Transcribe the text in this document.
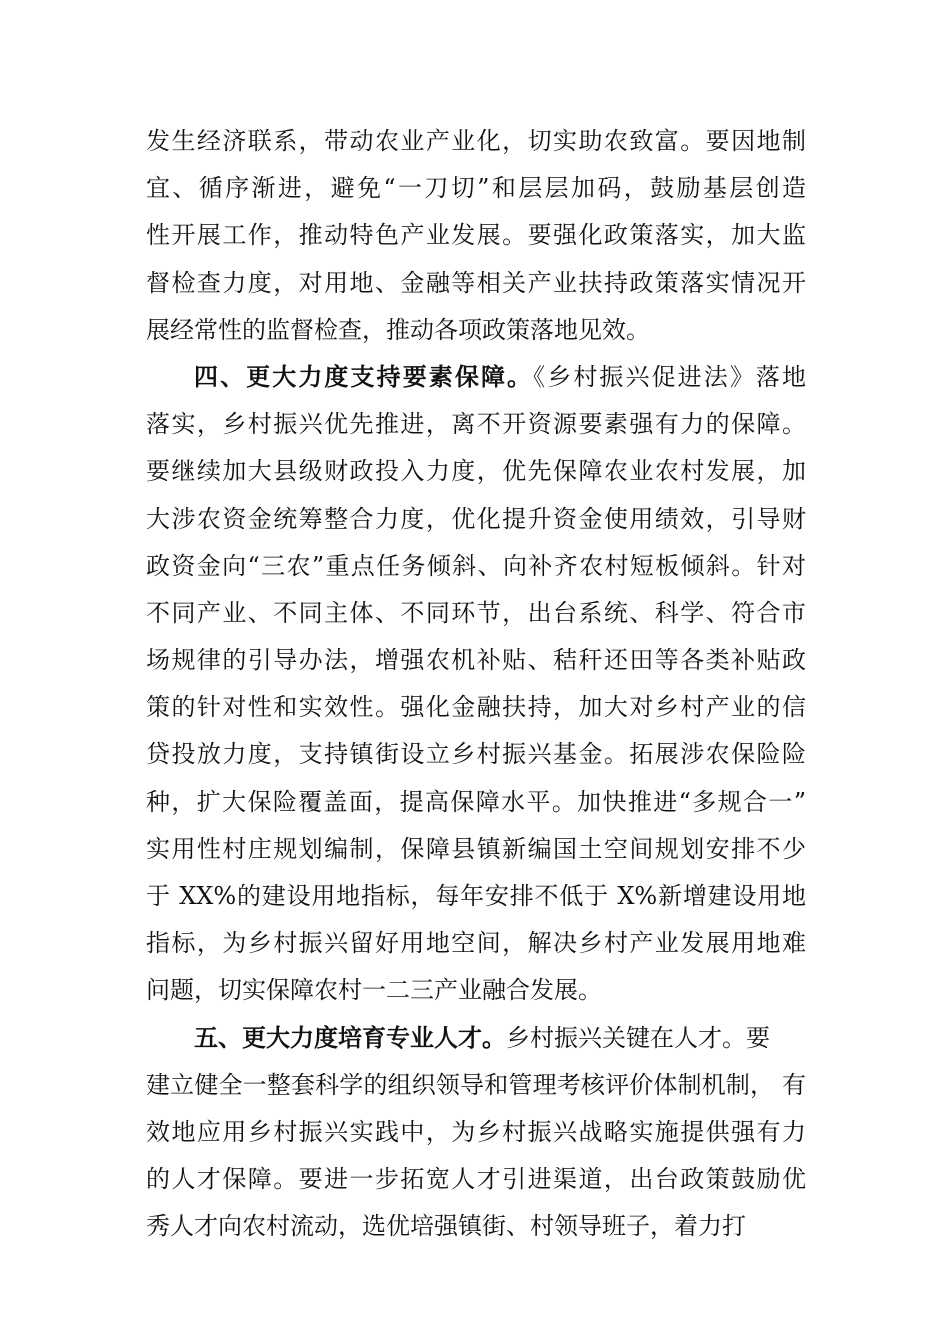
发生经济联系，带动农业产业化，切实助农致富。要因地制
宜、循序渐进，避免“一刀切”和层层加码，鼓励基层创造
性开展工作，推动特色产业发展。要强化政策落实，加大监
督检查力度，对用地、金融等相关产业扶持政策落实情况开
展经常性的监督检查，推动各项政策落地见效。
四、更大力度支持要素保障。《乡村振兴促进法》落地
落实，乡村振兴优先推进，离不开资源要素强有力的保障。
要继续加大县级财政投入力度，优先保障农业农村发展，加
大涉农资金统筹整合力度，优化提升资金使用绩效，引导财
政资金向“三农”重点任务倾斜、向补齐农村短板倾斜。针对
不同产业、不同主体、不同环节，出台系统、科学、符合市
场规律的引导办法，增强农机补贴、秸秆还田等各类补贴政
策的针对性和实效性。强化金融扶持，加大对乡村产业的信
贷投放力度，支持镇街设立乡村振兴基金。拓展涉农保险险
种，扩大保险覆盖面，提高保障水平。加快推进“多规合一”
实用性村庄规划编制，保障县镇新编国土空间规划安排不少
于 XX%的建设用地指标，每年安排不低于 X%新增建设用地
指标，为乡村振兴留好用地空间，解决乡村产业发展用地难
问题，切实保障农村一二三产业融合发展。
五、更大力度培育专业人才。乡村振兴关键在人才。要
建立健全一整套科学的组织领导和管理考核评价体制机制， 有
效地应用乡村振兴实践中，为乡村振兴战略实施提供强有力
的人才保障。要进一步拓宽人才引进渠道，出台政策鼓励优
秀人才向农村流动，选优培强镇街、村领导班子，着力打
